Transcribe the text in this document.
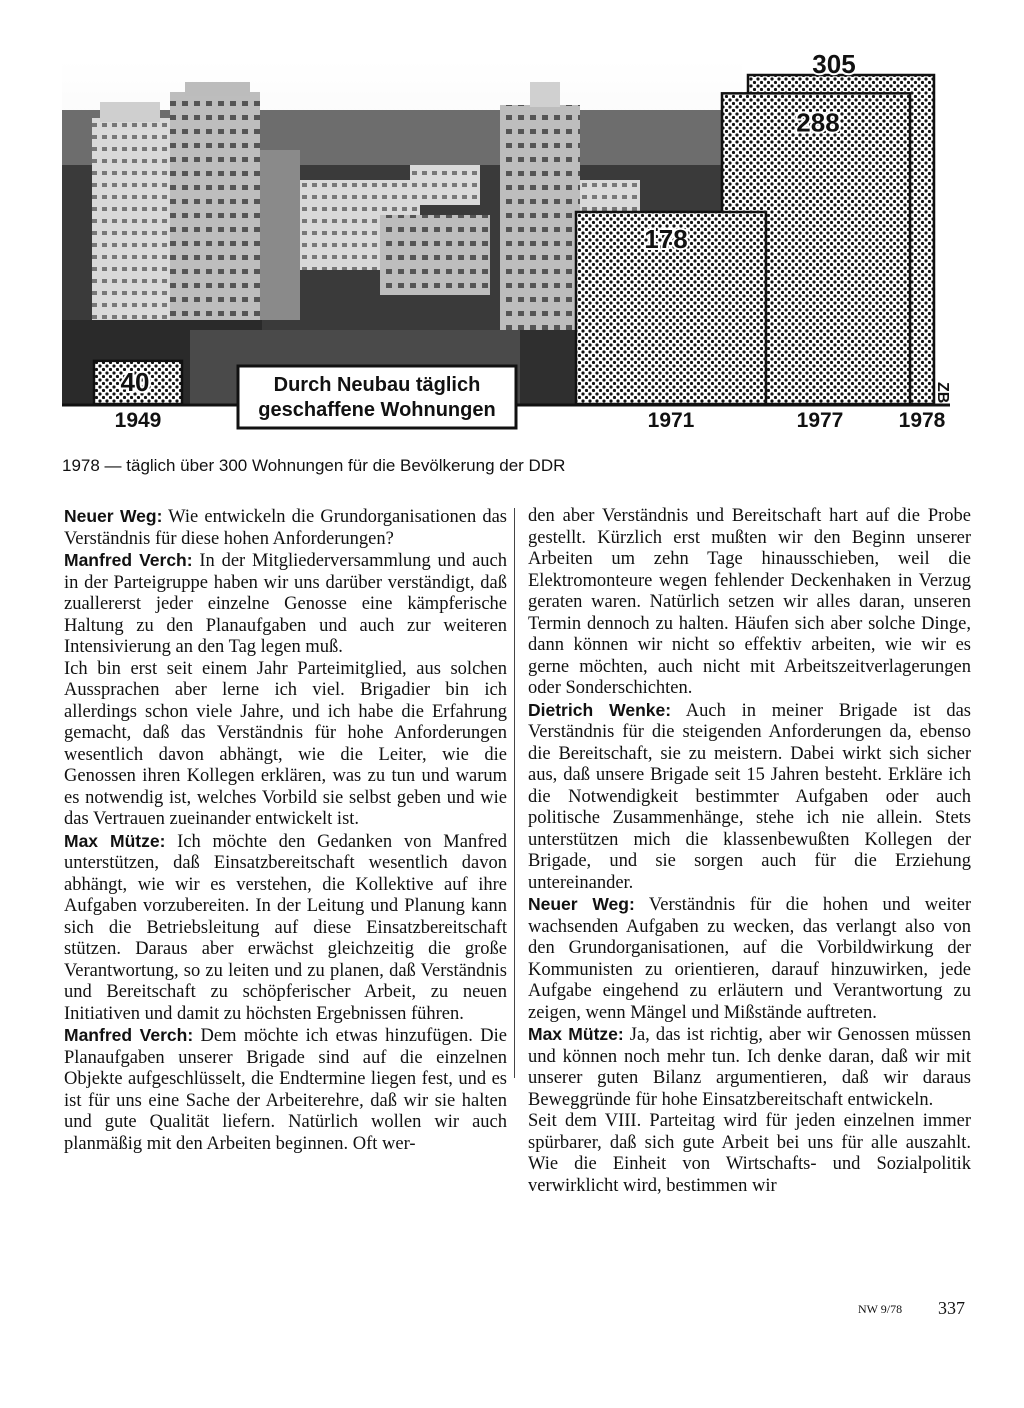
40
1949
178
1971
288
1977
305
1978
Durch Neubau täglich
geschaffene Wohnungen
ZB
1978 — täglich über 300 Wohnungen für die Bevölkerung der DDR

Neuer Weg: Wie entwickeln die Grundorganisationen das Verständnis für diese hohen Anforderungen?

Manfred Verch: In der Mitgliederversammlung und auch in der Parteigruppe haben wir uns darüber verständigt, daß zuallererst jeder einzelne Genosse eine kämpferische Haltung zu den Planaufgaben und auch zur weiteren Intensivierung an den Tag legen muß.

Ich bin erst seit einem Jahr Parteimitglied, aus solchen Aussprachen aber lerne ich viel. Brigadier bin ich allerdings schon viele Jahre, und ich habe die Erfahrung gemacht, daß das Verständnis für hohe Anforderungen wesentlich davon abhängt, wie die Leiter, wie die Genossen ihren Kollegen erklären, was zu tun und warum es notwendig ist, welches Vorbild sie selbst geben und wie das Vertrauen zueinander entwickelt ist.

Max Mütze: Ich möchte den Gedanken von Manfred unterstützen, daß Einsatzbereitschaft wesentlich davon abhängt, wie wir es verstehen, die Kollektive auf ihre Aufgaben vorzubereiten. In der Leitung und Planung kann sich die Betriebsleitung auf diese Einsatzbereitschaft stützen. Daraus aber erwächst gleichzeitig die große Verantwortung, so zu leiten und zu planen, daß Verständnis und Bereitschaft zu schöpferischer Arbeit, zu neuen Initiativen und damit zu höchsten Ergebnissen führen.

Manfred Verch: Dem möchte ich etwas hinzufügen. Die Planaufgaben unserer Brigade sind auf die einzelnen Objekte aufgeschlüsselt, die Endtermine liegen fest, und es ist für uns eine Sache der Arbeiterehre, daß wir sie halten und gute Qualität liefern. Natürlich wollen wir auch planmäßig mit den Arbeiten beginnen. Oft wer-

den aber Verständnis und Bereitschaft hart auf die Probe gestellt. Kürzlich erst mußten wir den Beginn unserer Arbeiten um zehn Tage hinausschieben, weil die Elektromonteure wegen fehlender Deckenhaken in Verzug geraten waren. Natürlich setzen wir alles daran, unseren Termin dennoch zu halten. Häufen sich aber solche Dinge, dann können wir nicht so effektiv arbeiten, wie wir es gerne möchten, auch nicht mit Arbeitszeitverlagerungen oder Sonderschichten.

Dietrich Wenke: Auch in meiner Brigade ist das Verständnis für die steigenden Anforderungen da, ebenso die Bereitschaft, sie zu meistern. Dabei wirkt sich sicher aus, daß unsere Brigade seit 15 Jahren besteht. Erkläre ich die Notwendigkeit bestimmter Aufgaben oder auch politische Zusammenhänge, stehe ich nie allein. Stets unterstützen mich die klassenbewußten Kollegen der Brigade, und sie sorgen auch für die Erziehung untereinander.

Neuer Weg: Verständnis für die hohen und weiter wachsenden Aufgaben zu wecken, das verlangt also von den Grundorganisationen, auf die Vorbildwirkung der Kommunisten zu orientieren, darauf hinzuwirken, jede Aufgabe eingehend zu erläutern und Verantwortung zu zeigen, wenn Mängel und Mißstände auftreten.

Max Mütze: Ja, das ist richtig, aber wir Genossen müssen und können noch mehr tun. Ich denke daran, daß wir mit unserer guten Bilanz argumentieren, daß wir daraus Beweggründe für hohe Einsatzbereitschaft entwickeln.

Seit dem VIII. Parteitag wird für jeden einzelnen immer spürbarer, daß sich gute Arbeit bei uns für alle auszahlt. Wie die Einheit von Wirtschafts- und Sozialpolitik verwirklicht wird, bestimmen wir

NW 9/78 337
